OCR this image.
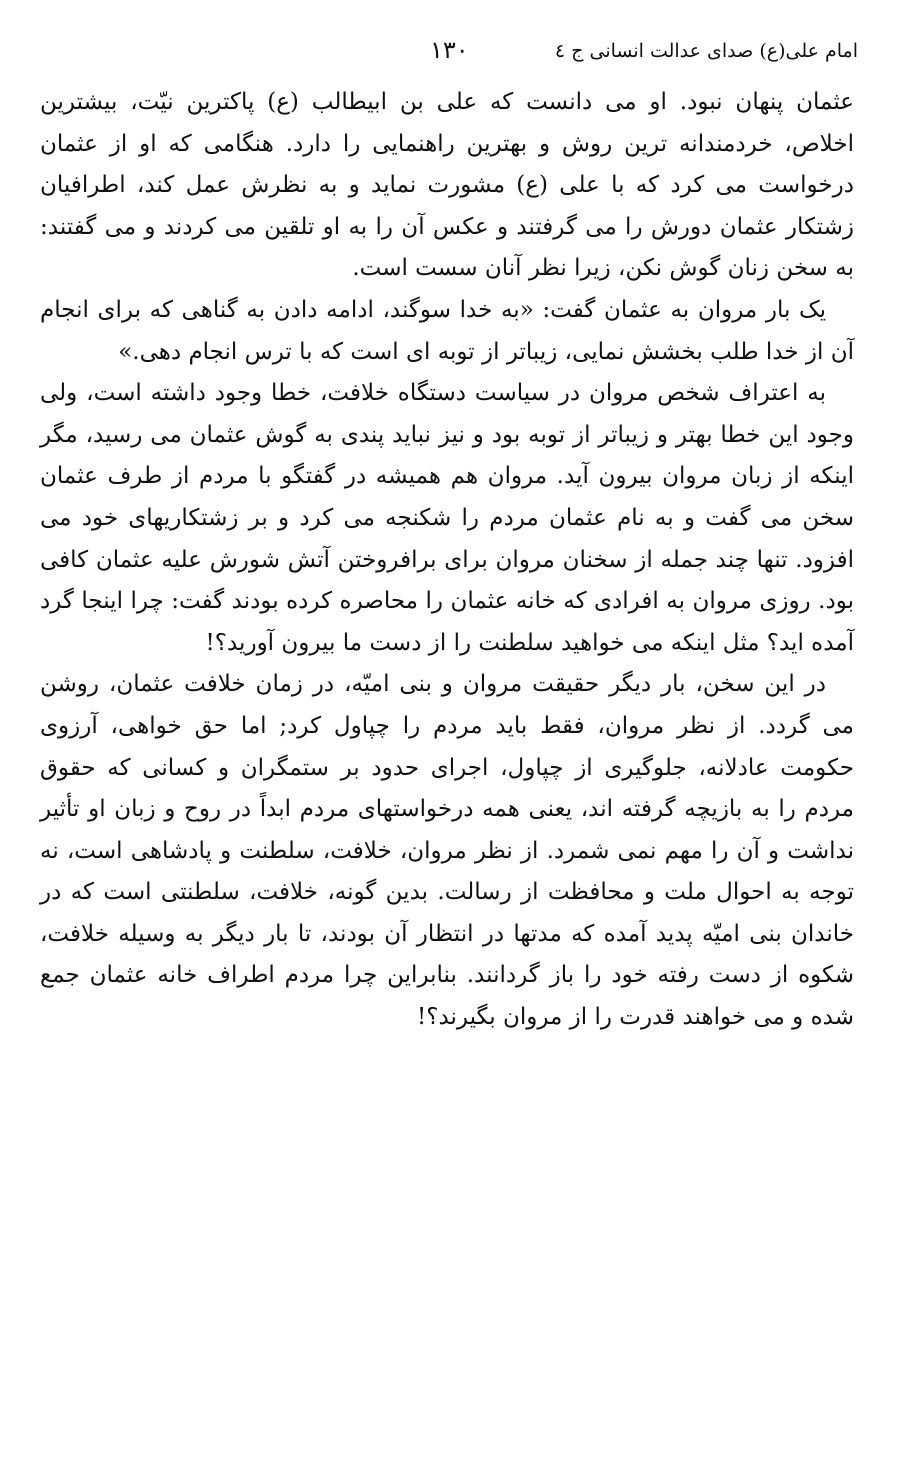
امام علی(ع) صدای عدالت انسانی ج ٤
١٣٠

عثمان پنهان نبود. او می دانست که علی بن ابیطالب (ع) پاکترین نیّت، بیشترین اخلاص، خردمندانه ترین روش و بهترین راهنمایی را دارد. هنگامی که او از عثمان درخواست می کرد که با علی (ع) مشورت نماید و به نظرش عمل کند، اطرافیان زشتکار عثمان دورش را می گرفتند و عکس آن را به او تلقین می کردند و می گفتند: به سخن زنان گوش نکن، زیرا نظر آنان سست است.

یک بار مروان به عثمان گفت: «به خدا سوگند، ادامه دادن به گناهی که برای انجام آن از خدا طلب بخشش نمایی، زیباتر از توبه ای است که با ترس انجام دهی.»

به اعتراف شخص مروان در سیاست دستگاه خلافت، خطا وجود داشته است، ولی وجود این خطا بهتر و زیباتر از توبه بود و نیز نباید پندی به گوش عثمان می رسید، مگر اینکه از زبان مروان بیرون آید. مروان هم همیشه در گفتگو با مردم از طرف عثمان سخن می گفت و به نام عثمان مردم را شکنجه می کرد و بر زشتکاریهای خود می افزود. تنها چند جمله از سخنان مروان برای برافروختن آتش شورش علیه عثمان کافی بود. روزی مروان به افرادی که خانه عثمان را محاصره کرده بودند گفت: چرا اینجا گرد آمده اید؟ مثل اینکه می خواهید سلطنت را از دست ما بیرون آورید؟!

در این سخن، بار دیگر حقیقت مروان و بنی امیّه، در زمان خلافت عثمان، روشن می گردد. از نظر مروان، فقط باید مردم را چپاول کرد; اما حق خواهی، آرزوی حکومت عادلانه، جلوگیری از چپاول، اجرای حدود بر ستمگران و کسانی که حقوق مردم را به بازیچه گرفته اند، یعنی همه درخواستهای مردم ابداً در روح و زبان او تأثیر نداشت و آن را مهم نمی شمرد. از نظر مروان، خلافت، سلطنت و پادشاهی است، نه توجه به احوال ملت و محافظت از رسالت. بدین گونه، خلافت، سلطنتی است که در خاندان بنی امیّه پدید آمده که مدتها در انتظار آن بودند، تا بار دیگر به وسیله خلافت، شکوه از دست رفته خود را باز گردانند. بنابراین چرا مردم اطراف خانه عثمان جمع شده و می خواهند قدرت را از مروان بگیرند؟!
